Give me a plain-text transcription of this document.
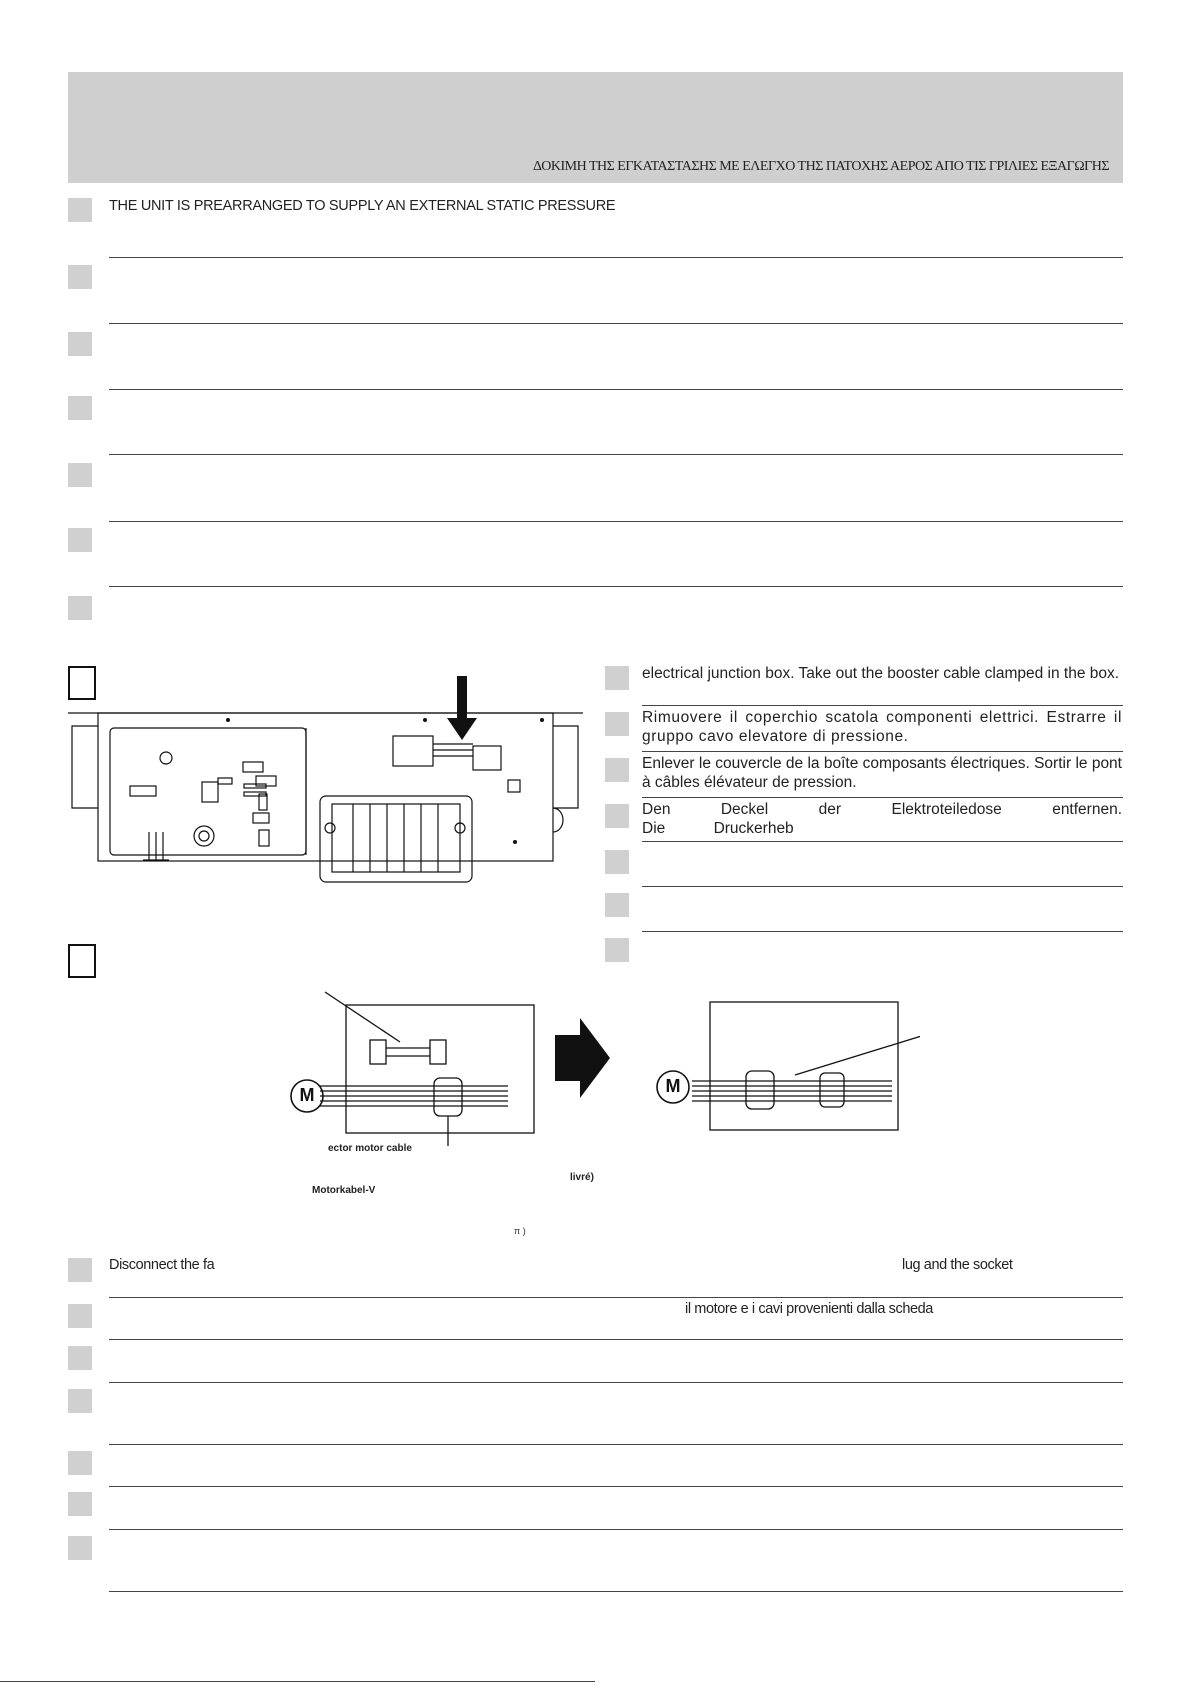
ΔΟΚΙΜΗ ΤΗΣ ΕΓΚΑΤΑΣΤΑΣΗΣ ΜΕ ΕΛΕΓΧΟ ΤΗΣ ΠΑΤΟΧΗΣ ΑΕΡΟΣ ΑΠΟ ΤΙΣ ΓΡΙΛΙΕΣ ΕΞΑΓΩΓΗΣ
THE UNIT IS PREARRANGED TO SUPPLY AN EXTERNAL STATIC PRESSURE
electrical junction box. Take out the booster cable clamped in the box.
Rimuovere il coperchio scatola componenti elettrici. Estrarre il gruppo cavo elevatore di pressione.
Enlever le couvercle de la boîte composants électriques. Sortir le pont à câbles élévateur de pression.
Den Deckel der Elektroteiledose entfernen. Die Druckerheb
M	M
ector motor cable
livré)
Motorkabel-V
π )
Disconnect the fa	lug and the socket
il motore e i cavi provenienti dalla scheda
